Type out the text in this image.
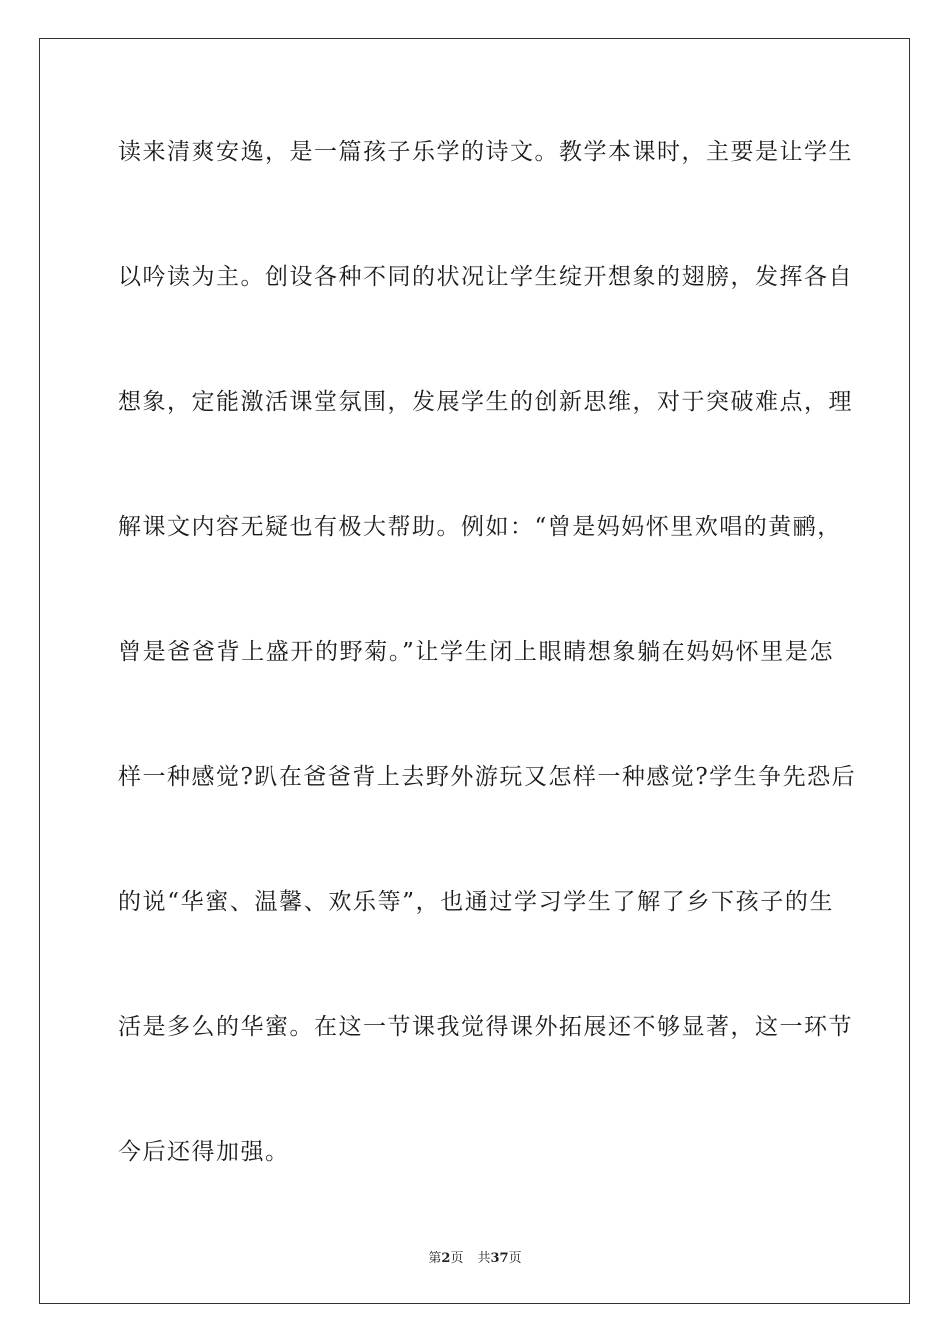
读来清爽安逸，是一篇孩子乐学的诗文。教学本课时，主要是让学生
以吟读为主。创设各种不同的状况让学生绽开想象的翅膀，发挥各自
想象，定能激活课堂氛围，发展学生的创新思维，对于突破难点，理
解课文内容无疑也有极大帮助。例如：“曾是妈妈怀里欢唱的黄鹂，
曾是爸爸背上盛开的野菊。”让学生闭上眼睛想象躺在妈妈怀里是怎
样一种感觉?趴在爸爸背上去野外游玩又怎样一种感觉?学生争先恐后
的说“华蜜、温馨、欢乐等”，也通过学习学生了解了乡下孩子的生
活是多么的华蜜。在这一节课我觉得课外拓展还不够显著，这一环节
今后还得加强。
第2页 共37页
